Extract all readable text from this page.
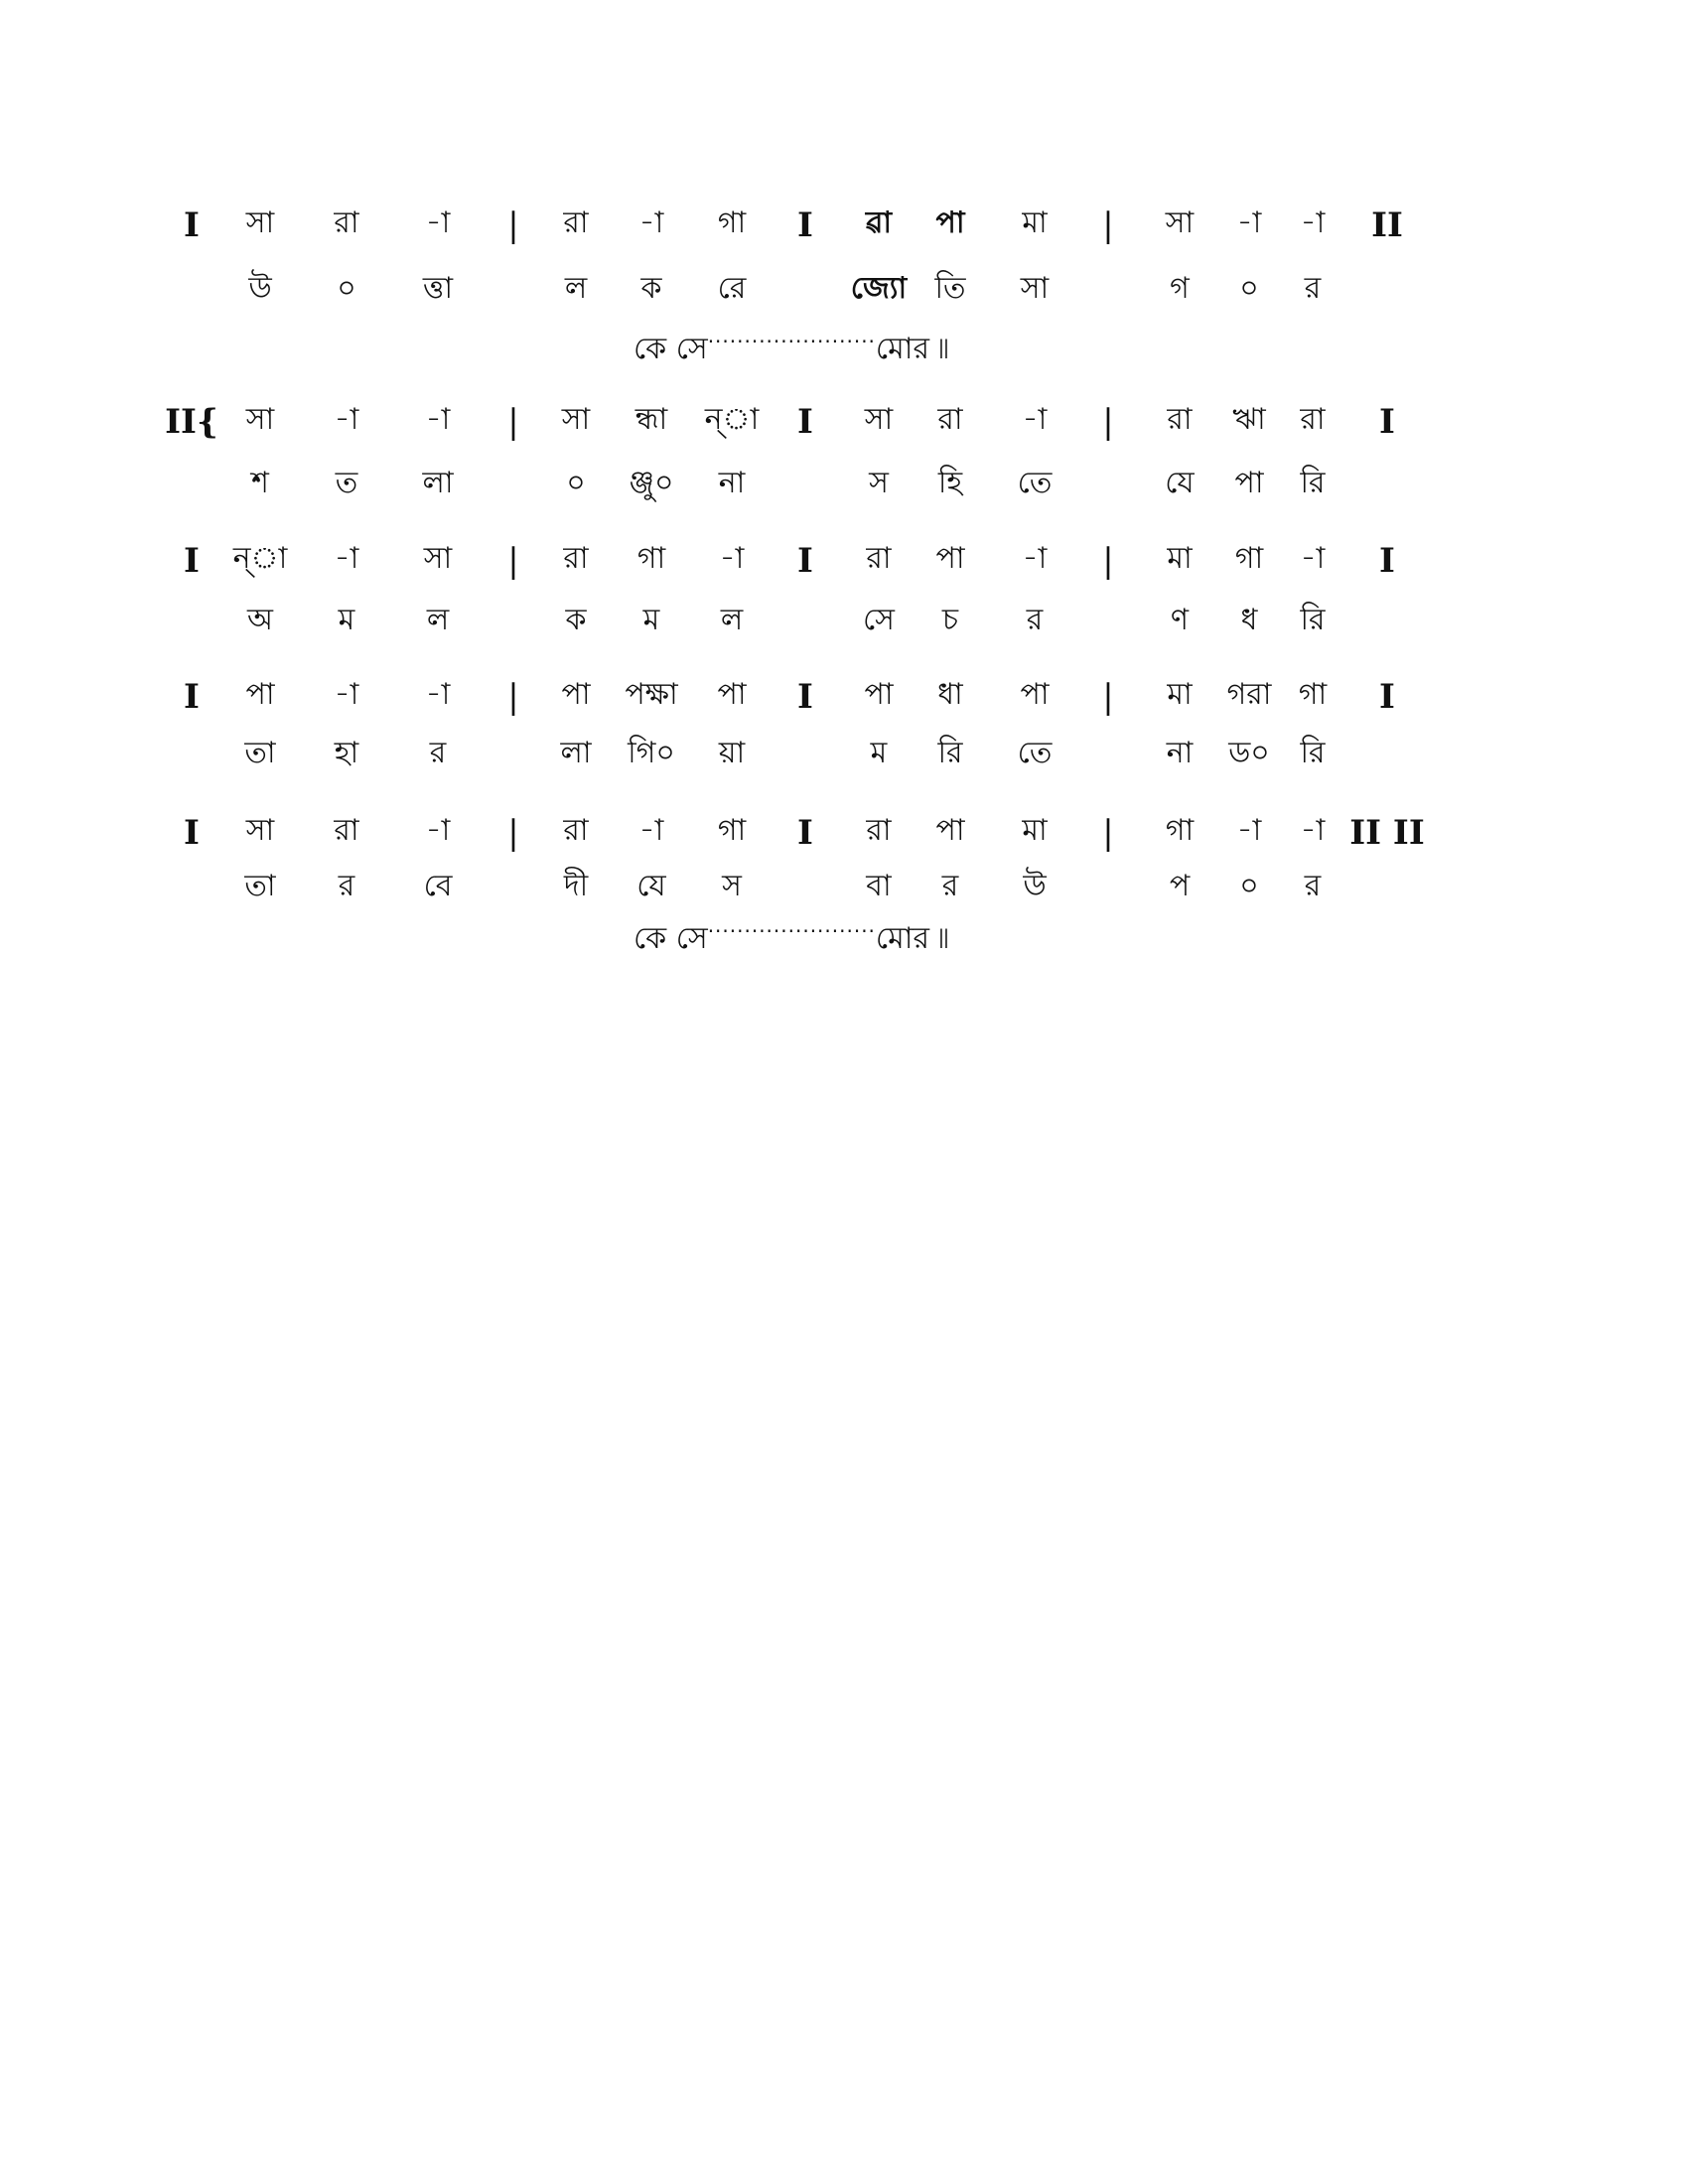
I সা রা -া | রা -া গা I ৱা পা মা | সা -া -া II
উ ০ ত্তা	ল ক রে	জ্যো তি সা	গ ০ র
II{ সা -া -া | সা ন্ধা ন্া I সা রা -া | রা ঋা রা I
শ ত লা	০ ঞ্জু০ না	স হি তে	যে পা রি
I ন্া -া সা | রা গা -া I রা পা -া | মা গা -া I
অ ম ল	ক ম ল	সে চ র	ণ ধ রি
I পা -া -া | পা পক্ষা পা I পা ধা পা | মা গরা গা I
তা হা র	লা গি০ য়া	ম রি তে	না ড০ রি
I সা রা -া | রা -া গা I রা পা মা | গা -া -া II II
তা র বে	দী যে স	বা র উ	প ০ র
কে সে·······················মোর ৷৷
কে সে·······················মোর ৷৷
